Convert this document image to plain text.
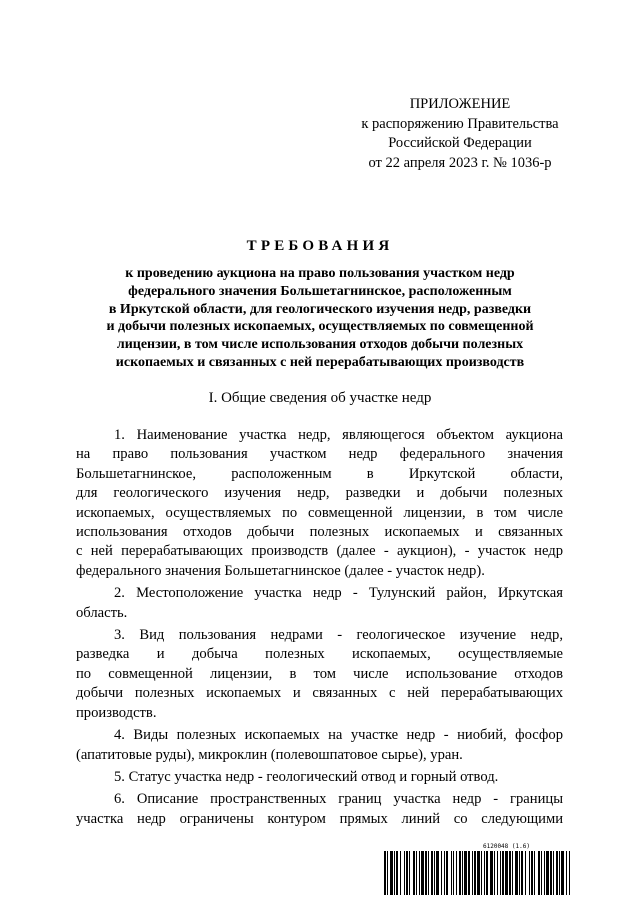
ПРИЛОЖЕНИЕ
к распоряжению Правительства
Российской Федерации
от 22 апреля 2023 г. № 1036-р
ТРЕБОВАНИЯ
к проведению аукциона на право пользования участком недр
федерального значения Большетагнинское, расположенным
в Иркутской области, для геологического изучения недр, разведки
и добычи полезных ископаемых, осуществляемых по совмещенной
лицензии, в том числе использования отходов добычи полезных
ископаемых и связанных с ней перерабатывающих производств
I. Общие сведения об участке недр
1. Наименование участка недр, являющегося объектом аукциона
на право пользования участком недр федерального значения
Большетагнинское, расположенным в Иркутской области,
для геологического изучения недр, разведки и добычи полезных
ископаемых, осуществляемых по совмещенной лицензии, в том числе
использования отходов добычи полезных ископаемых и связанных
с ней перерабатывающих производств (далее - аукцион), - участок недр
федерального значения Большетагнинское (далее - участок недр).
2. Местоположение участка недр - Тулунский район, Иркутская
область.
3. Вид пользования недрами - геологическое изучение недр,
разведка и добыча полезных ископаемых, осуществляемые
по совмещенной лицензии, в том числе использование отходов
добычи полезных ископаемых и связанных с ней перерабатывающих
производств.
4. Виды полезных ископаемых на участке недр - ниобий, фосфор
(апатитовые руды), микроклин (полевошпатовое сырье), уран.
5. Статус участка недр - геологический отвод и горный отвод.
6. Описание пространственных границ участка недр - границы
участка недр ограничены контуром прямых линий со следующими
6120048 (1.6)
